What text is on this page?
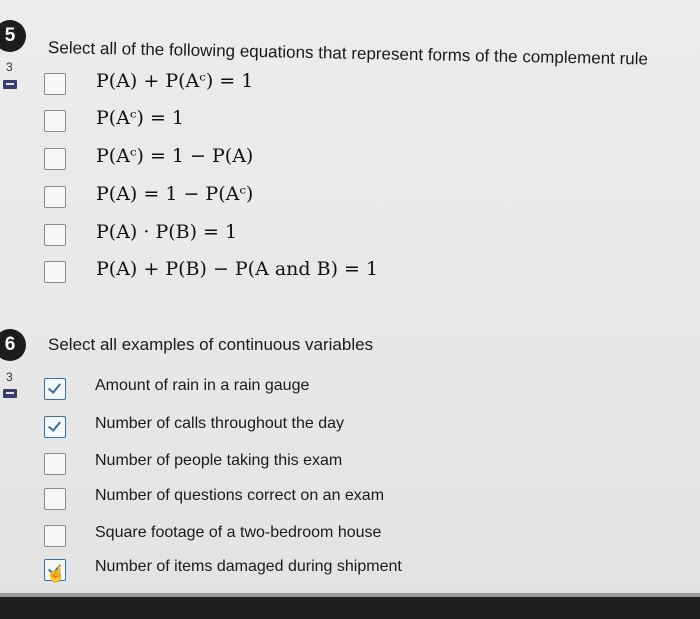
5
3 Select all of the following equations that represent forms of the complement rule
P(A) + P(Aᶜ) = 1
P(Aᶜ) = 1
P(Aᶜ) = 1 − P(A)
P(A) = 1 − P(Aᶜ)
P(A) · P(B) = 1
P(A) + P(B) − P(A and B) = 1
6
3
Select all examples of continuous variables
Amount of rain in a rain gauge
Number of calls throughout the day
Number of people taking this exam
Number of questions correct on an exam
Square footage of a two-bedroom house
☝ Number of items damaged during shipment
